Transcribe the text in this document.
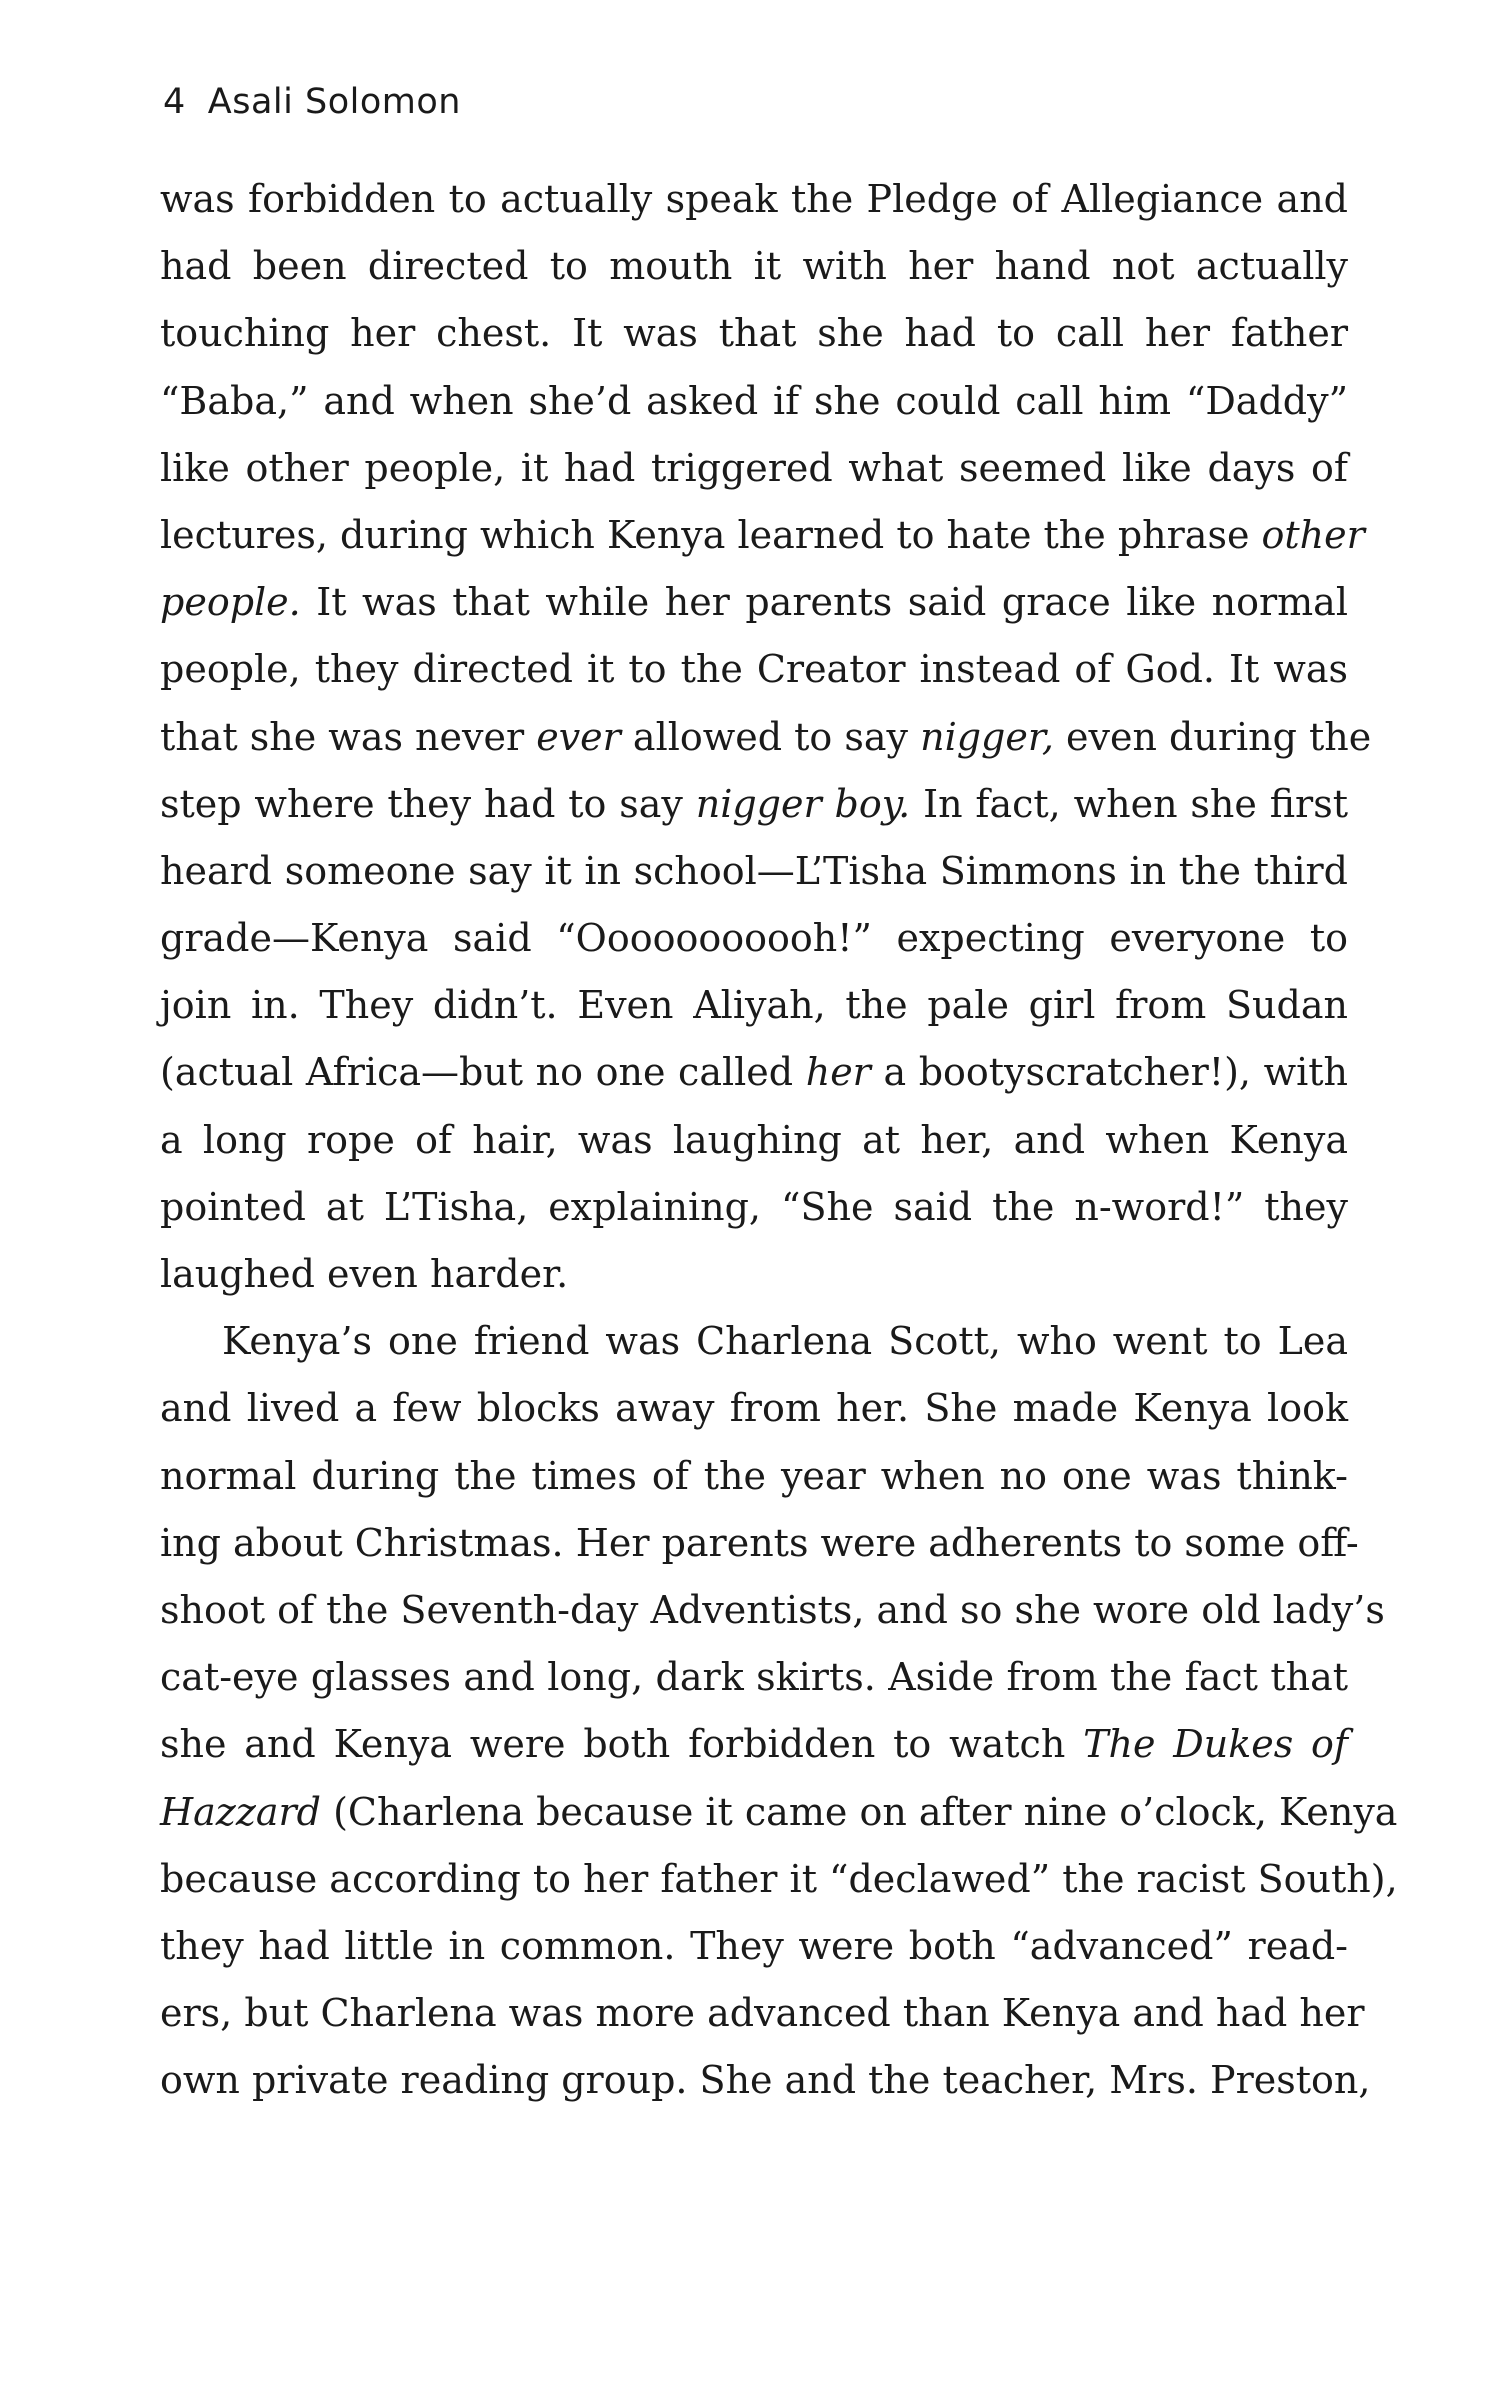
4 Asali Solomon
was forbidden to actually speak the Pledge of Allegiance and
had been directed to mouth it with her hand not actually
touching her chest. It was that she had to call her father
“Baba,” and when she’d asked if she could call him “Daddy”
like other people, it had triggered what seemed like days of
lectures, during which Kenya learned to hate the phrase other
people. It was that while her parents said grace like normal
people, they directed it to the Creator instead of God. It was
that she was never ever allowed to say nigger, even during the
step where they had to say nigger boy. In fact, when she first
heard someone say it in school—L’Tisha Simmons in the third
grade—Kenya said “Ooooooooooh!” expecting everyone to
join in. They didn’t. Even Aliyah, the pale girl from Sudan
(actual Africa—but no one called her a bootyscratcher!), with
a long rope of hair, was laughing at her, and when Kenya
pointed at L’Tisha, explaining, “She said the n-word!” they
laughed even harder.
Kenya’s one friend was Charlena Scott, who went to Lea
and lived a few blocks away from her. She made Kenya look
normal during the times of the year when no one was think-
ing about Christmas. Her parents were adherents to some off-
shoot of the Seventh-day Adventists, and so she wore old lady’s
cat-eye glasses and long, dark skirts. Aside from the fact that
she and Kenya were both forbidden to watch The Dukes of
Hazzard (Charlena because it came on after nine o’clock, Kenya
because according to her father it “declawed” the racist South),
they had little in common. They were both “advanced” read-
ers, but Charlena was more advanced than Kenya and had her
own private reading group. She and the teacher, Mrs. Preston,
